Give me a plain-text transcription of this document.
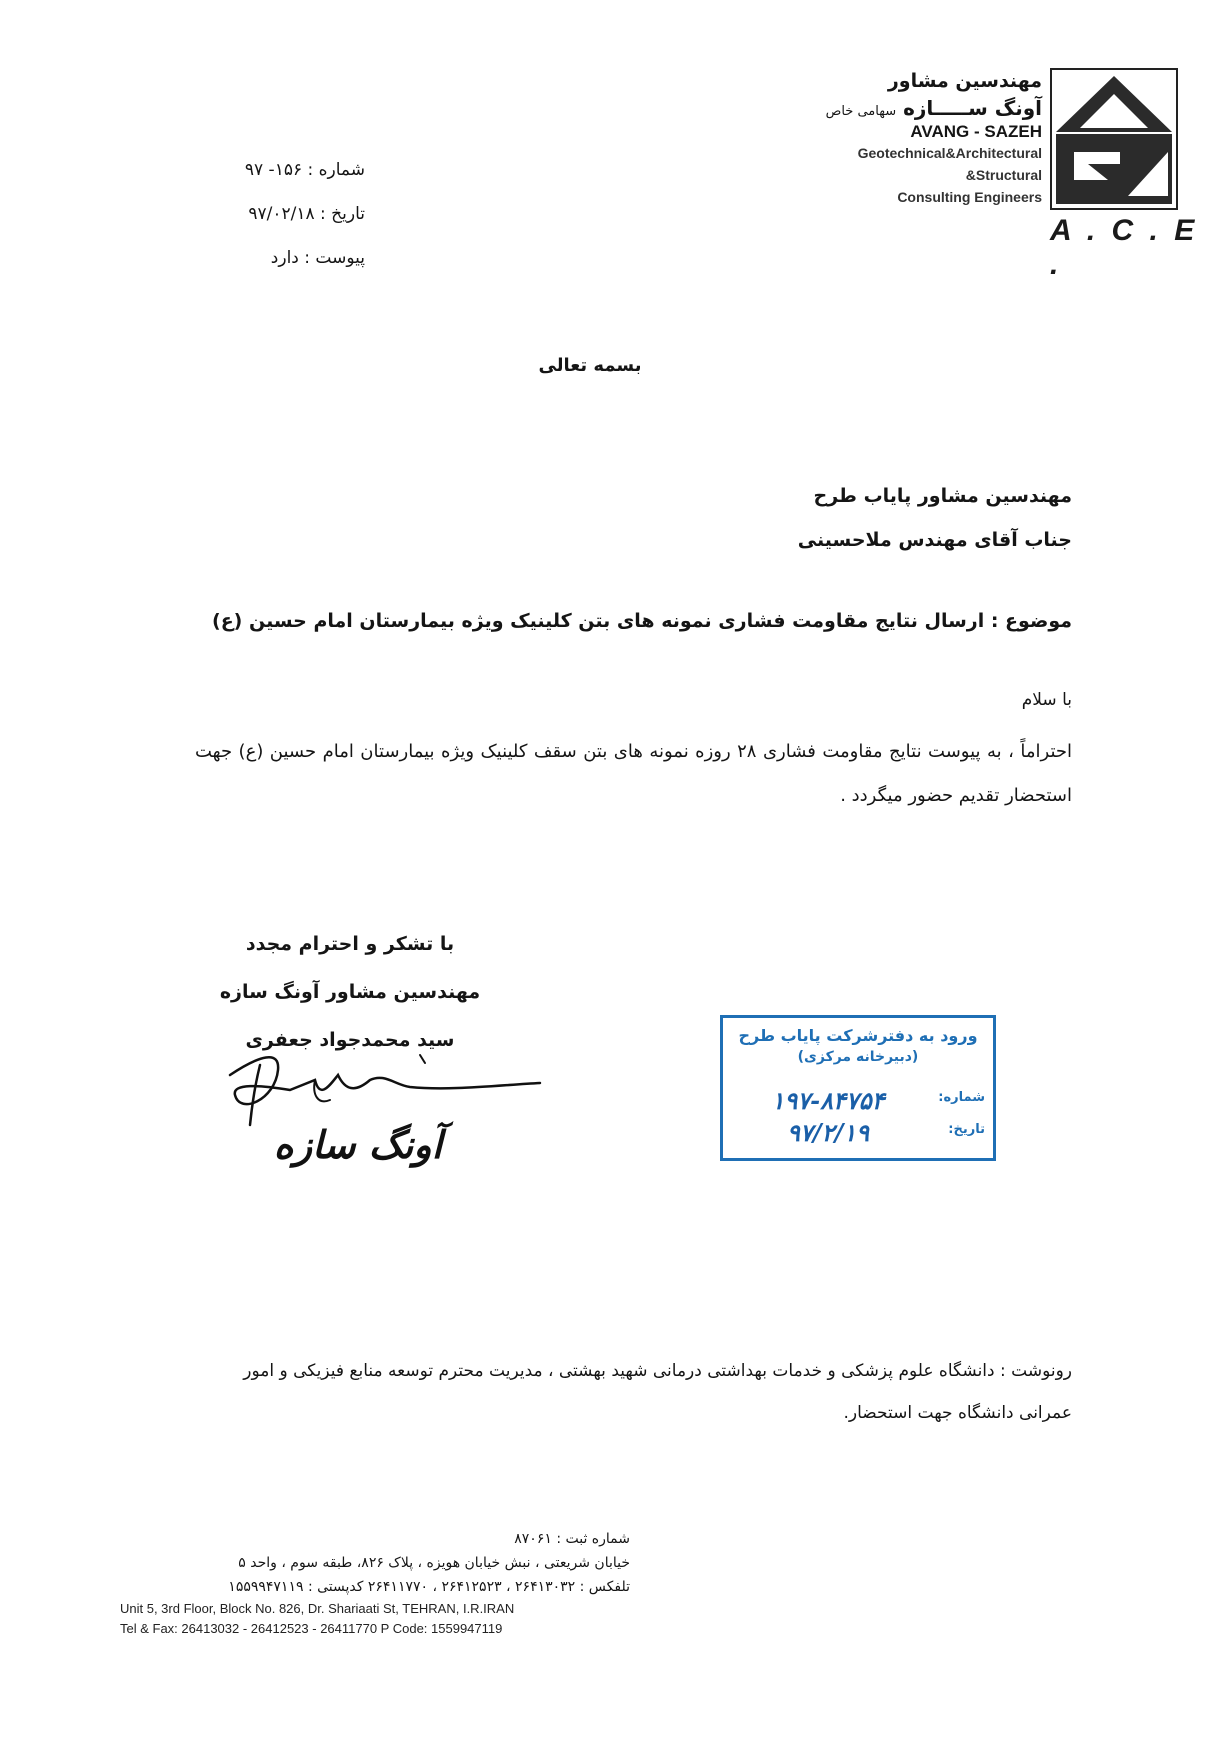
A . C . E .
مهندسین مشاور
آونگ ســـــازه سهامی خاص
AVANG - SAZEH
Geotechnical&Architectural
&Structural
Consulting Engineers
شماره : ۱۵۶- ۹۷
تاریخ : ۹۷/۰۲/۱۸
پیوست : دارد
بسمه تعالی
مهندسین مشاور پایاب طرح
جناب آقای مهندس ملاحسینی
موضوع : ارسال نتایج مقاومت فشاری نمونه های بتن کلینیک ویژه بیمارستان امام حسین (ع)
با سلام
احتراماً ، به پیوست نتایج مقاومت فشاری ۲۸ روزه نمونه های بتن سقف کلینیک ویژه بیمارستان امام حسین (ع) جهت استحضار تقدیم حضور میگردد .
با تشکر و احترام مجدد
مهندسین مشاور آونگ سازه
سید محمدجواد جعفری
آونگ سازه
ورود به دفترشرکت پایاب طرح
(دبیرخانه مرکزی)
شماره:
۱۹۷-۸۴۷۵۴
تاریخ:
۹۷/۲/۱۹
رونوشت : دانشگاه علوم پزشکی و خدمات بهداشتی درمانی شهید بهشتی ، مدیریت محترم توسعه منابع فیزیکی و امور عمرانی دانشگاه جهت استحضار.
شماره ثبت : ۸۷۰۶۱
خیابان شریعتی ، نبش خیابان هویزه ، پلاک ۸۲۶، طبقه سوم ، واحد ۵
تلفکس : ۲۶۴۱۳۰۳۲ ، ۲۶۴۱۲۵۲۳ ، ۲۶۴۱۱۷۷۰ کدپستی : ۱۵۵۹۹۴۷۱۱۹
Unit 5, 3rd Floor, Block No. 826, Dr. Shariaati St, TEHRAN, I.R.IRAN
Tel & Fax: 26413032 - 26412523 - 26411770 P Code: 1559947119
